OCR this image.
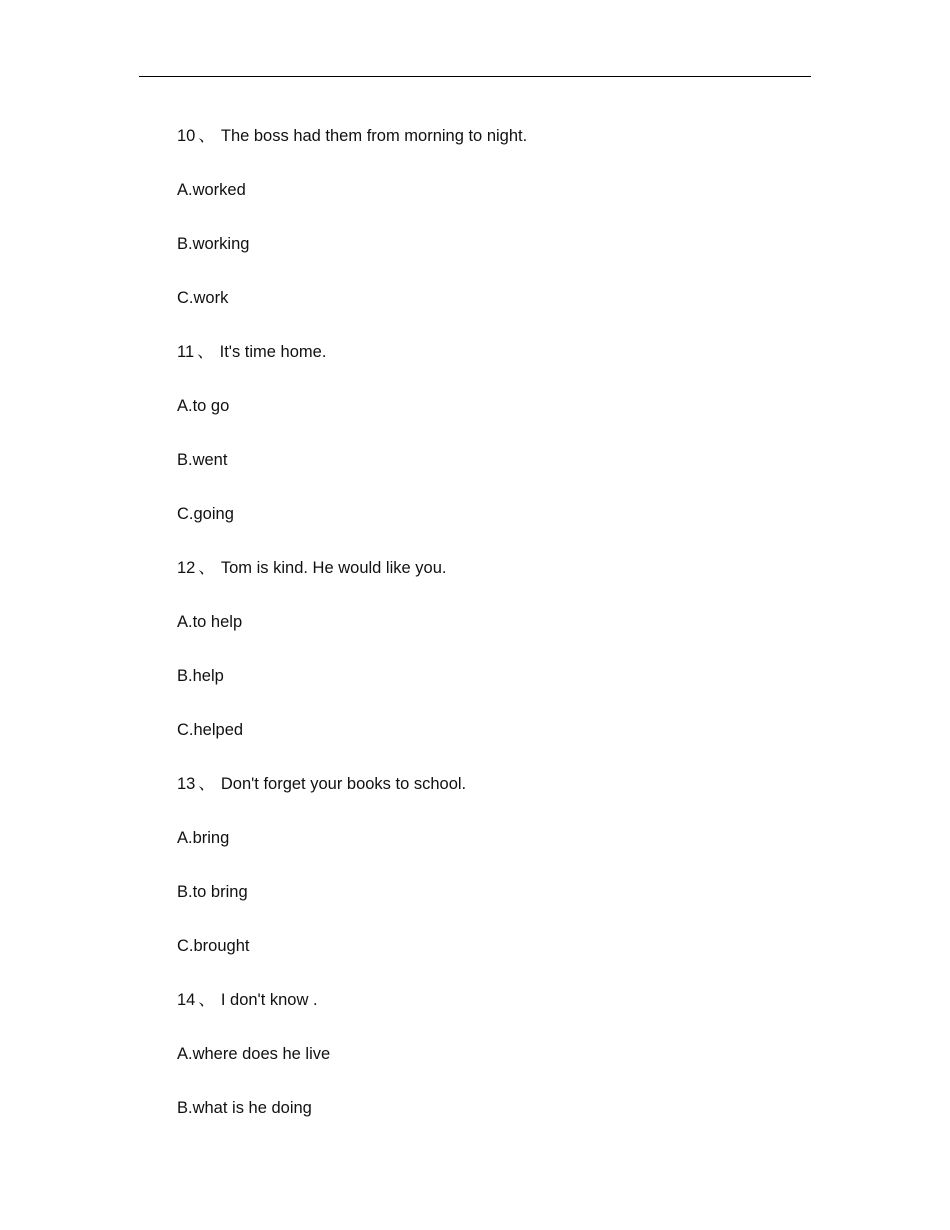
10 、 The boss had them from morning to night.
A.worked
B.working
C.work
11 、 It's time home.
A.to go
B.went
C.going
12 、 Tom is kind. He would like you.
A.to help
B.help
C.helped
13 、 Don't forget your books to school.
A.bring
B.to bring
C.brought
14 、 I don't know .
A.where does he live
B.what is he doing
